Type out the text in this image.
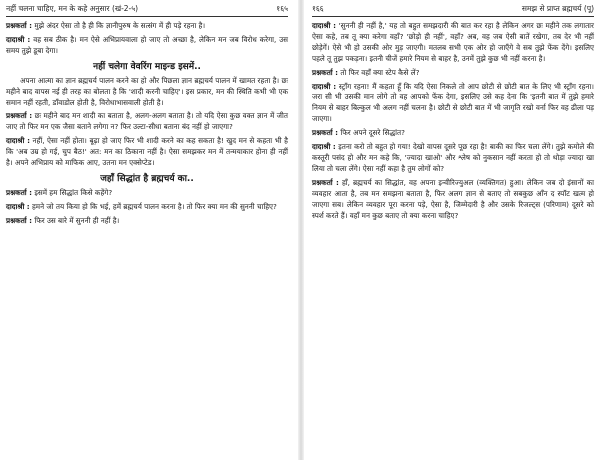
नहीं चलना चाहिए, मन के कहे अनुसार (खं-2-५)	१६५

प्रश्नकर्ता : मुझे अंदर ऐसा तो है ही कि ज्ञानीपुरुष के सत्संग में ही पड़े रहना है।

दादाश्री : वह सब ठीक है। मन ऐसे अभिप्रायवाला हो जाए तो अच्छा है, लेकिन मन जब विरोध करेगा, उस समय तुझे डूबा देगा।

नहीं चलेगा वेवरिंग माइन्ड इसमें..

अपना आत्मा का ज्ञान ब्रह्मचर्य पालन करने का हो और पिछला ज्ञान ब्रह्मचर्य पालन में खामत रहता है। छः महीने बाद वापस नई ही तरह का बोलता है कि 'शादी करनी चाहिए'। इस प्रकार, मन की स्थिति कभी भी एक समान नहीं रहती, डाँवाडोल होती है, विरोधाभासवाली होती है।

प्रश्नकर्ता : छः महीने बाद मन शादी का बताता है, अलग-अलग बताता है। तो यदि ऐसा कुछ वक्त ज्ञान में जीत जाए तो फिर मन एक जैसा बताने लगेगा न? फिर उल्टा-सीधा बताना बंद नहीं हो जाएगा?

दादाश्री : नहीं, ऐसा नहीं होता। बूढ़ा हो जाए फिर भी शादी करने का कह सकता है! खुद मन से कहता भी है कि 'अब उम्र हो गई, चुप बैठ!' अत: मन का ठिकाना नहीं है। ऐसा समझकर मन में तन्मयाकार होना ही नहीं है। अपने अभिप्राय को माफिक आए, उतना मन एक्सेप्टेड।

जहाँ सिद्धांत है ब्रह्मचर्य का..

प्रश्नकर्ता : इसमें हम सिद्धांत किसे कहेंगे?

दादाश्री : हमने जो तय किया हो कि भई, हमें ब्रह्मचर्य पालन करना है। तो फिर क्या मन की सुननी चाहिए?

प्रश्नकर्ता : फिर उस बारे में सुननी ही नहीं है।

१६६	समझ से प्राप्त ब्रह्मचर्य (पू)

दादाश्री : 'सुननी ही नहीं है,' यह तो बहुत समझदारी की बात कर रहा है लेकिन अगर छः महीने तक लगातार ऐसा कहे, तब तू क्या करेगा वहाँ? 'छोड़ो ही नहीं', वहाँ? अब, वह जब ऐसी बातें रखेगा, तब देर भी नहीं छोड़ेगें। ऐसे भी हो उसकी ओर मुड़ जाएगी। मतलब सभी एक ओर हो जाएँगे वे सब तुझे फेंक देंगे। इसलिए पहले तू तुझ पकड़ना। इतनी चीजें हमारे नियम से बाहर है, उनमें तुझे कुछ भी नहीं करना है।

प्रश्नकर्ता : तो फिर वहाँ क्या स्टेप कैसे लें?

दादाश्री : स्ट्रॉंग रहना! मैं कहता हूँ कि यदि ऐसा निकले तो आप छोटी से छोटी बात के लिए भी स्ट्रॉंग रहना। जरा सी भी उसकी मान लोगे तो वह आपको फेंक देगा, इसलिए उसे कह देना कि 'इतनी बात में तुझे हमारे नियम से बाहर बिल्कुल भी अलग नहीं चलना है। छोटी से छोटी बात में भी जागृति रखो वर्ना फिर वह ढीला पड़ जाएगा।

प्रश्नकर्ता : फिर अपने दूसरे सिद्धांत?

दादाश्री : इतना करो तो बहुत हो गया! देखो वापस दूसरे पूछ रहा है! बाकी का फिर चला लेंगे। तुझे कमोले की कस्तूरी पसंद हो और मन कहे कि, 'ज्यादा खाओ' और श्लेष को नुकसान नहीं करता हो तो थोड़ा ज्यादा खा लिया तो चला लेंगे। ऐसा नहीं कहा है तुम लोगों को?

प्रश्नकर्ता : हाँ, ब्रह्मचर्य का सिद्धांत, वह अपना इन्वीरिज्युअल (व्यक्तिगत) हुआ। लेकिन जब दो इंसानों का व्यवहार आता है, तब मन समझना बताता है, फिर अलग ज्ञान से बताए तो सबकुछ आँन द स्पॉट खत्म हो जाएगा सब। लेकिन व्यवहार पूरा करना पड़े, ऐसा है, जिम्मेदारी है और उसके रिजल्ट्स (परिणाम) दूसरे को स्पर्श करते हैं। वहाँ मन कुछ बताए तो क्या करना चाहिए?
